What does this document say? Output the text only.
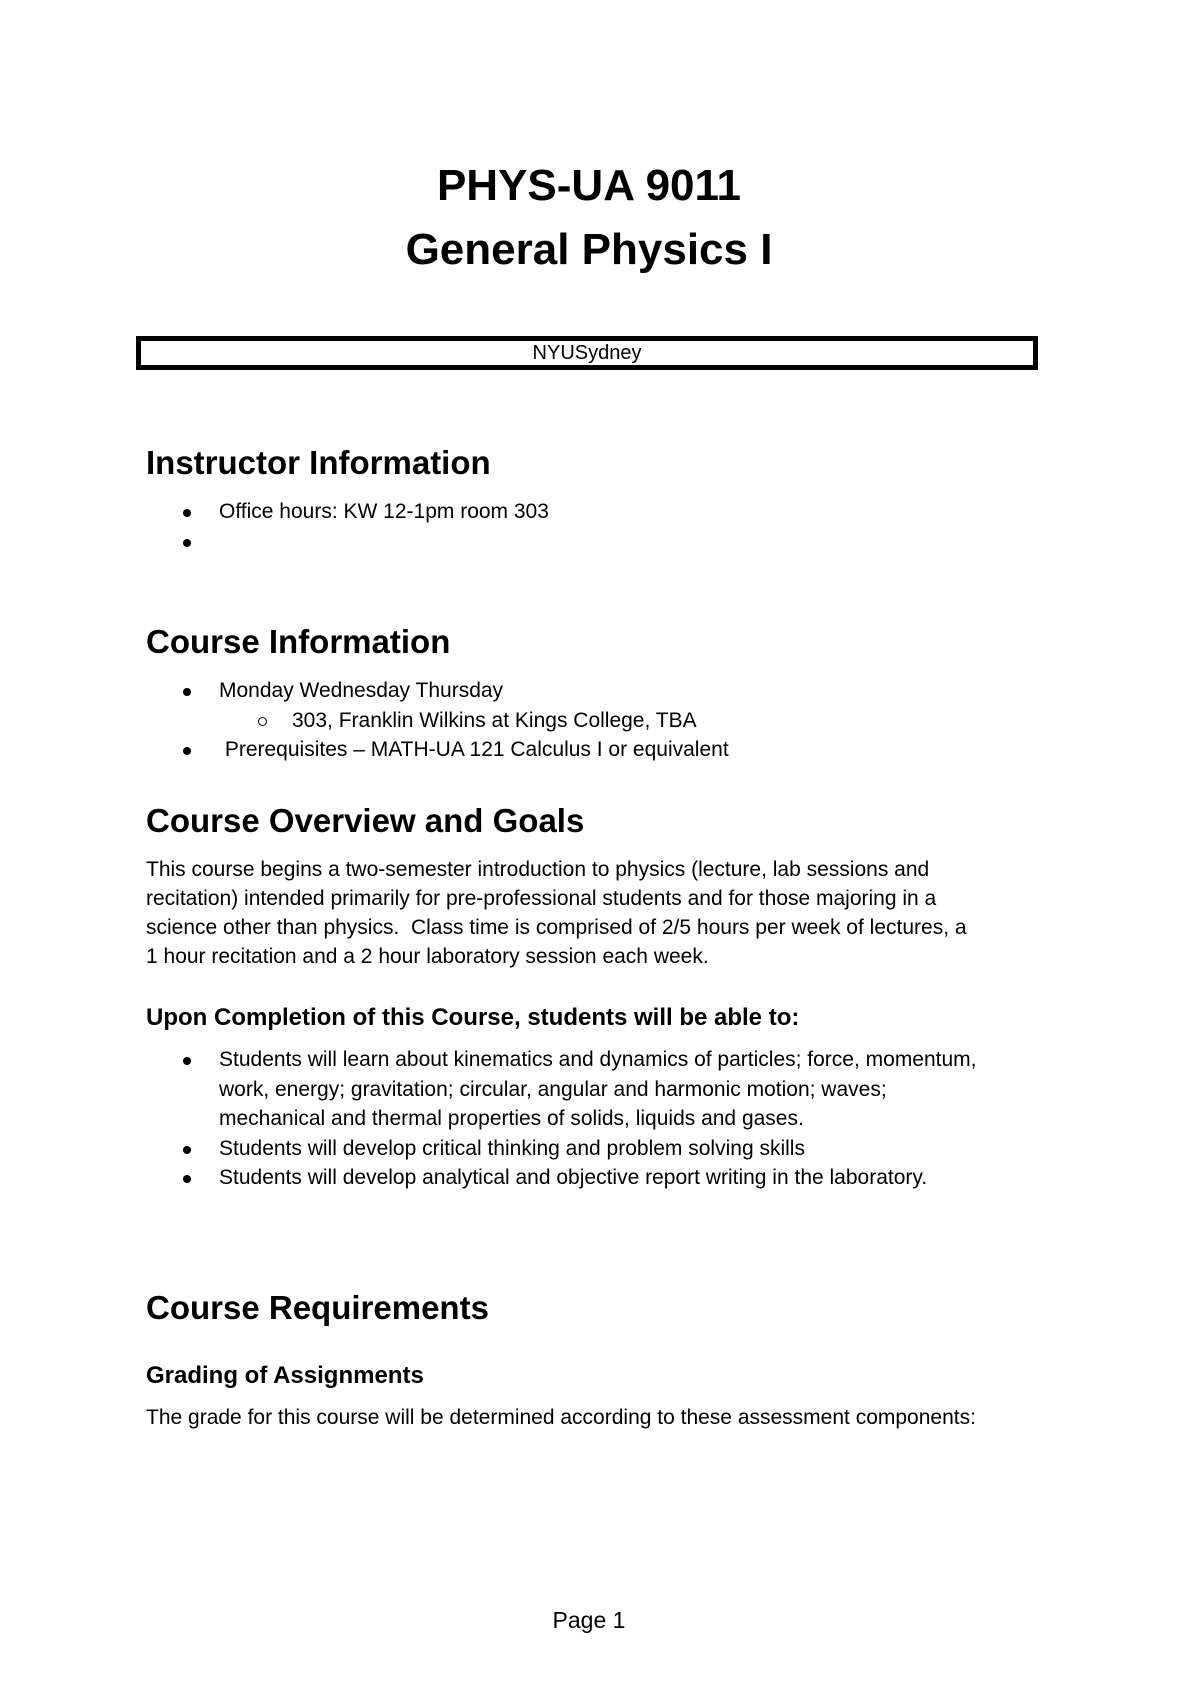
PHYS-UA 9011
General Physics I
NYUSydney
Instructor Information
Office hours: KW 12-1pm room 303
Course Information
Monday Wednesday Thursday
303, Franklin Wilkins at Kings College, TBA
Prerequisites – MATH-UA 121 Calculus I or equivalent
Course Overview and Goals
This course begins a two-semester introduction to physics (lecture, lab sessions and
recitation) intended primarily for pre-professional students and for those majoring in a
science other than physics.  Class time is comprised of 2/5 hours per week of lectures, a
1 hour recitation and a 2 hour laboratory session each week.
Upon Completion of this Course, students will be able to:
Students will learn about kinematics and dynamics of particles; force, momentum,
work, energy; gravitation; circular, angular and harmonic motion; waves;
mechanical and thermal properties of solids, liquids and gases.
Students will develop critical thinking and problem solving skills
Students will develop analytical and objective report writing in the laboratory.
Course Requirements
Grading of Assignments
The grade for this course will be determined according to these assessment components:
Page 1
